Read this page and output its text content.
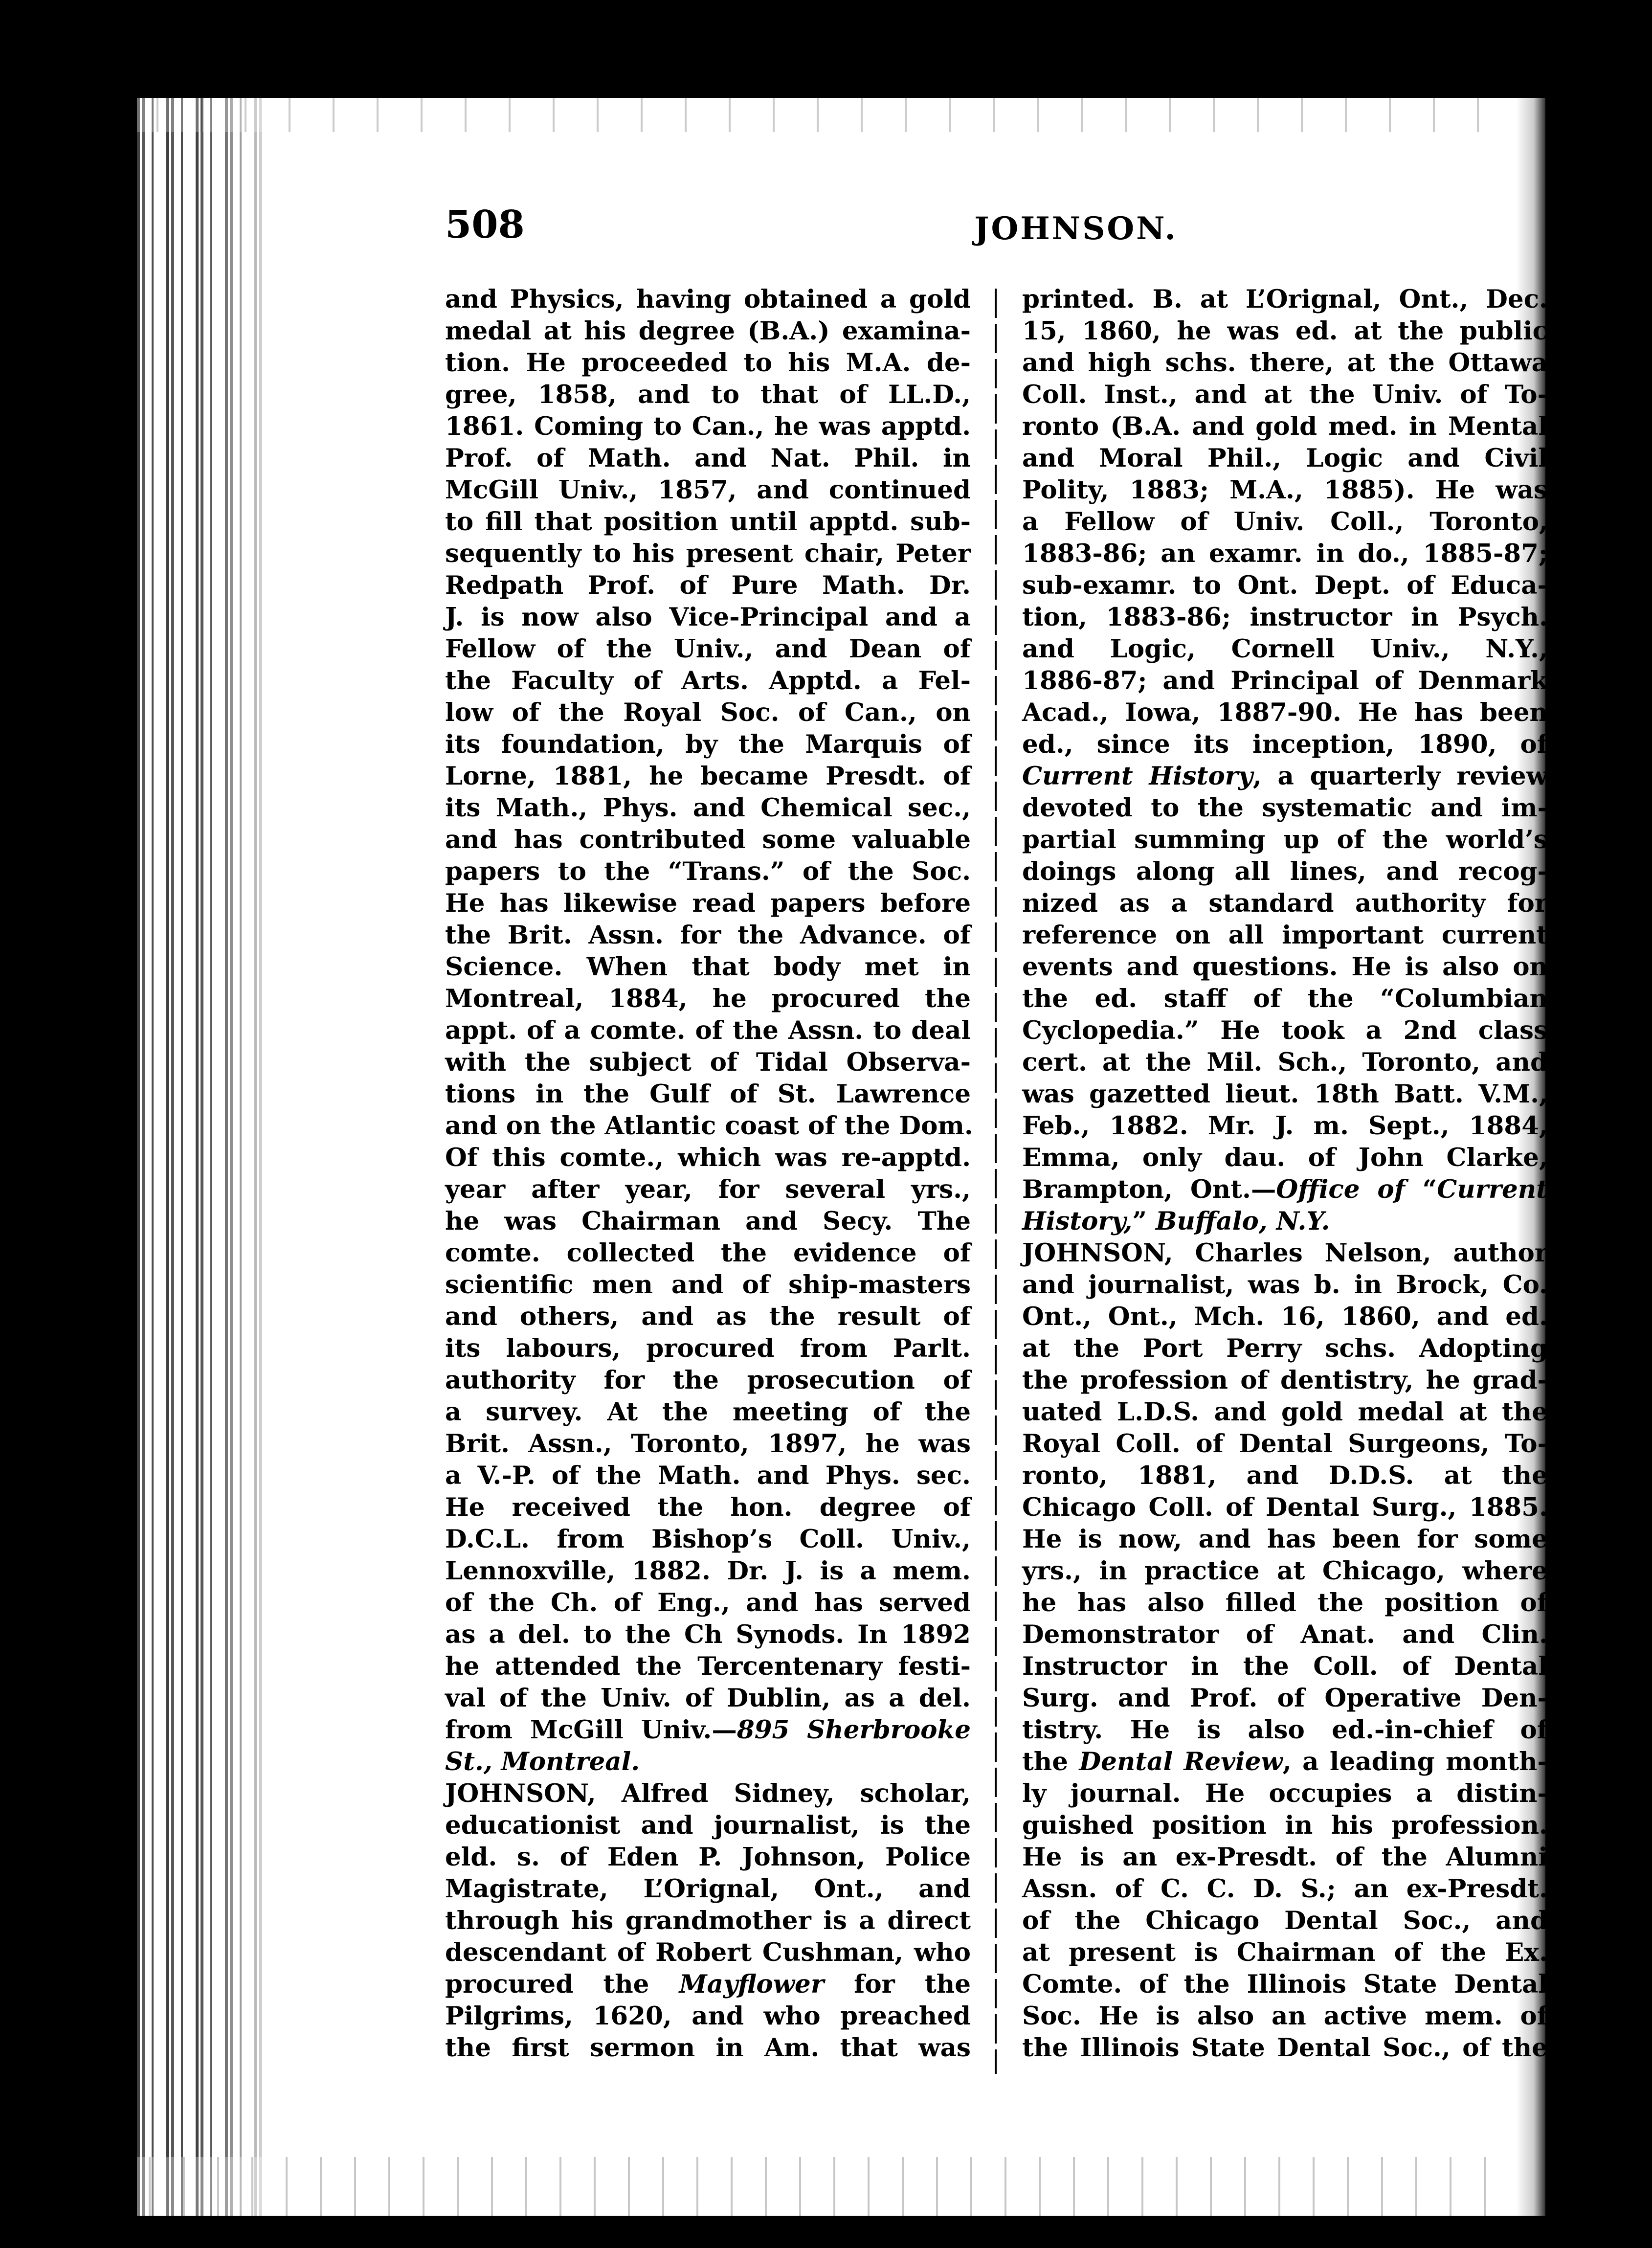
508	JOHNSON.
and Physics, having obtained a gold
medal at his degree (B.A.) examina-
tion. He proceeded to his M.A. de-
gree, 1858, and to that of LL.D.,
1861. Coming to Can., he was apptd.
Prof. of Math. and Nat. Phil. in
McGill Univ., 1857, and continued
to fill that position until apptd. sub-
sequently to his present chair, Peter
Redpath Prof. of Pure Math. Dr.
J. is now also Vice-Principal and a
Fellow of the Univ., and Dean of
the Faculty of Arts. Apptd. a Fel-
low of the Royal Soc. of Can., on
its foundation, by the Marquis of
Lorne, 1881, he became Presdt. of
its Math., Phys. and Chemical sec.,
and has contributed some valuable
papers to the “Trans.” of the Soc.
He has likewise read papers before
the Brit. Assn. for the Advance. of
Science. When that body met in
Montreal, 1884, he procured the
appt. of a comte. of the Assn. to deal
with the subject of Tidal Observa-
tions in the Gulf of St. Lawrence
and on the Atlantic coast of the Dom.
Of this comte., which was re-apptd.
year after year, for several yrs.,
he was Chairman and Secy. The
comte. collected the evidence of
scientific men and of ship-masters
and others, and as the result of
its labours, procured from Parlt.
authority for the prosecution of
a survey. At the meeting of the
Brit. Assn., Toronto, 1897, he was
a V.-P. of the Math. and Phys. sec.
He received the hon. degree of
D.C.L. from Bishop’s Coll. Univ.,
Lennoxville, 1882. Dr. J. is a mem.
of the Ch. of Eng., and has served
as a del. to the Ch Synods. In 1892
he attended the Tercentenary festi-
val of the Univ. of Dublin, as a del.
from McGill Univ.—895 Sherbrooke
St., Montreal.
JOHNSON, Alfred Sidney, scholar,
educationist and journalist, is the
eld. s. of Eden P. Johnson, Police
Magistrate, L’Orignal, Ont., and
through his grandmother is a direct
descendant of Robert Cushman, who
procured the Mayflower for the
Pilgrims, 1620, and who preached
the first sermon in Am. that was
printed. B. at L’Orignal, Ont., Dec.
15, 1860, he was ed. at the public
and high schs. there, at the Ottawa
Coll. Inst., and at the Univ. of To-
ronto (B.A. and gold med. in Mental
and Moral Phil., Logic and Civil
Polity, 1883; M.A., 1885). He was
a Fellow of Univ. Coll., Toronto,
1883-86; an examr. in do., 1885-87;
sub-examr. to Ont. Dept. of Educa-
tion, 1883-86; instructor in Psych.
and Logic, Cornell Univ., N.Y.,
1886-87; and Principal of Denmark
Acad., Iowa, 1887-90. He has been
ed., since its inception, 1890, of
Current History, a quarterly review
devoted to the systematic and im-
partial summing up of the world’s
doings along all lines, and recog-
nized as a standard authority for
reference on all important current
events and questions. He is also on
the ed. staff of the “Columbian
Cyclopedia.” He took a 2nd class
cert. at the Mil. Sch., Toronto, and
was gazetted lieut. 18th Batt. V.M.,
Feb., 1882. Mr. J. m. Sept., 1884,
Emma, only dau. of John Clarke,
Brampton, Ont.—Office of “Current
History,” Buffalo, N.Y.
JOHNSON, Charles Nelson, author
and journalist, was b. in Brock, Co.
Ont., Ont., Mch. 16, 1860, and ed.
at the Port Perry schs. Adopting
the profession of dentistry, he grad-
uated L.D.S. and gold medal at the
Royal Coll. of Dental Surgeons, To-
ronto, 1881, and D.D.S. at the
Chicago Coll. of Dental Surg., 1885.
He is now, and has been for some
yrs., in practice at Chicago, where
he has also filled the position of
Demonstrator of Anat. and Clin.
Instructor in the Coll. of Dental
Surg. and Prof. of Operative Den-
tistry. He is also ed.-in-chief of
the Dental Review, a leading month-
ly journal. He occupies a distin-
guished position in his profession.
He is an ex-Presdt. of the Alumni
Assn. of C. C. D. S.; an ex-Presdt.
of the Chicago Dental Soc., and
at present is Chairman of the Ex.
Comte. of the Illinois State Dental
Soc. He is also an active mem. of
the Illinois State Dental Soc., of the
